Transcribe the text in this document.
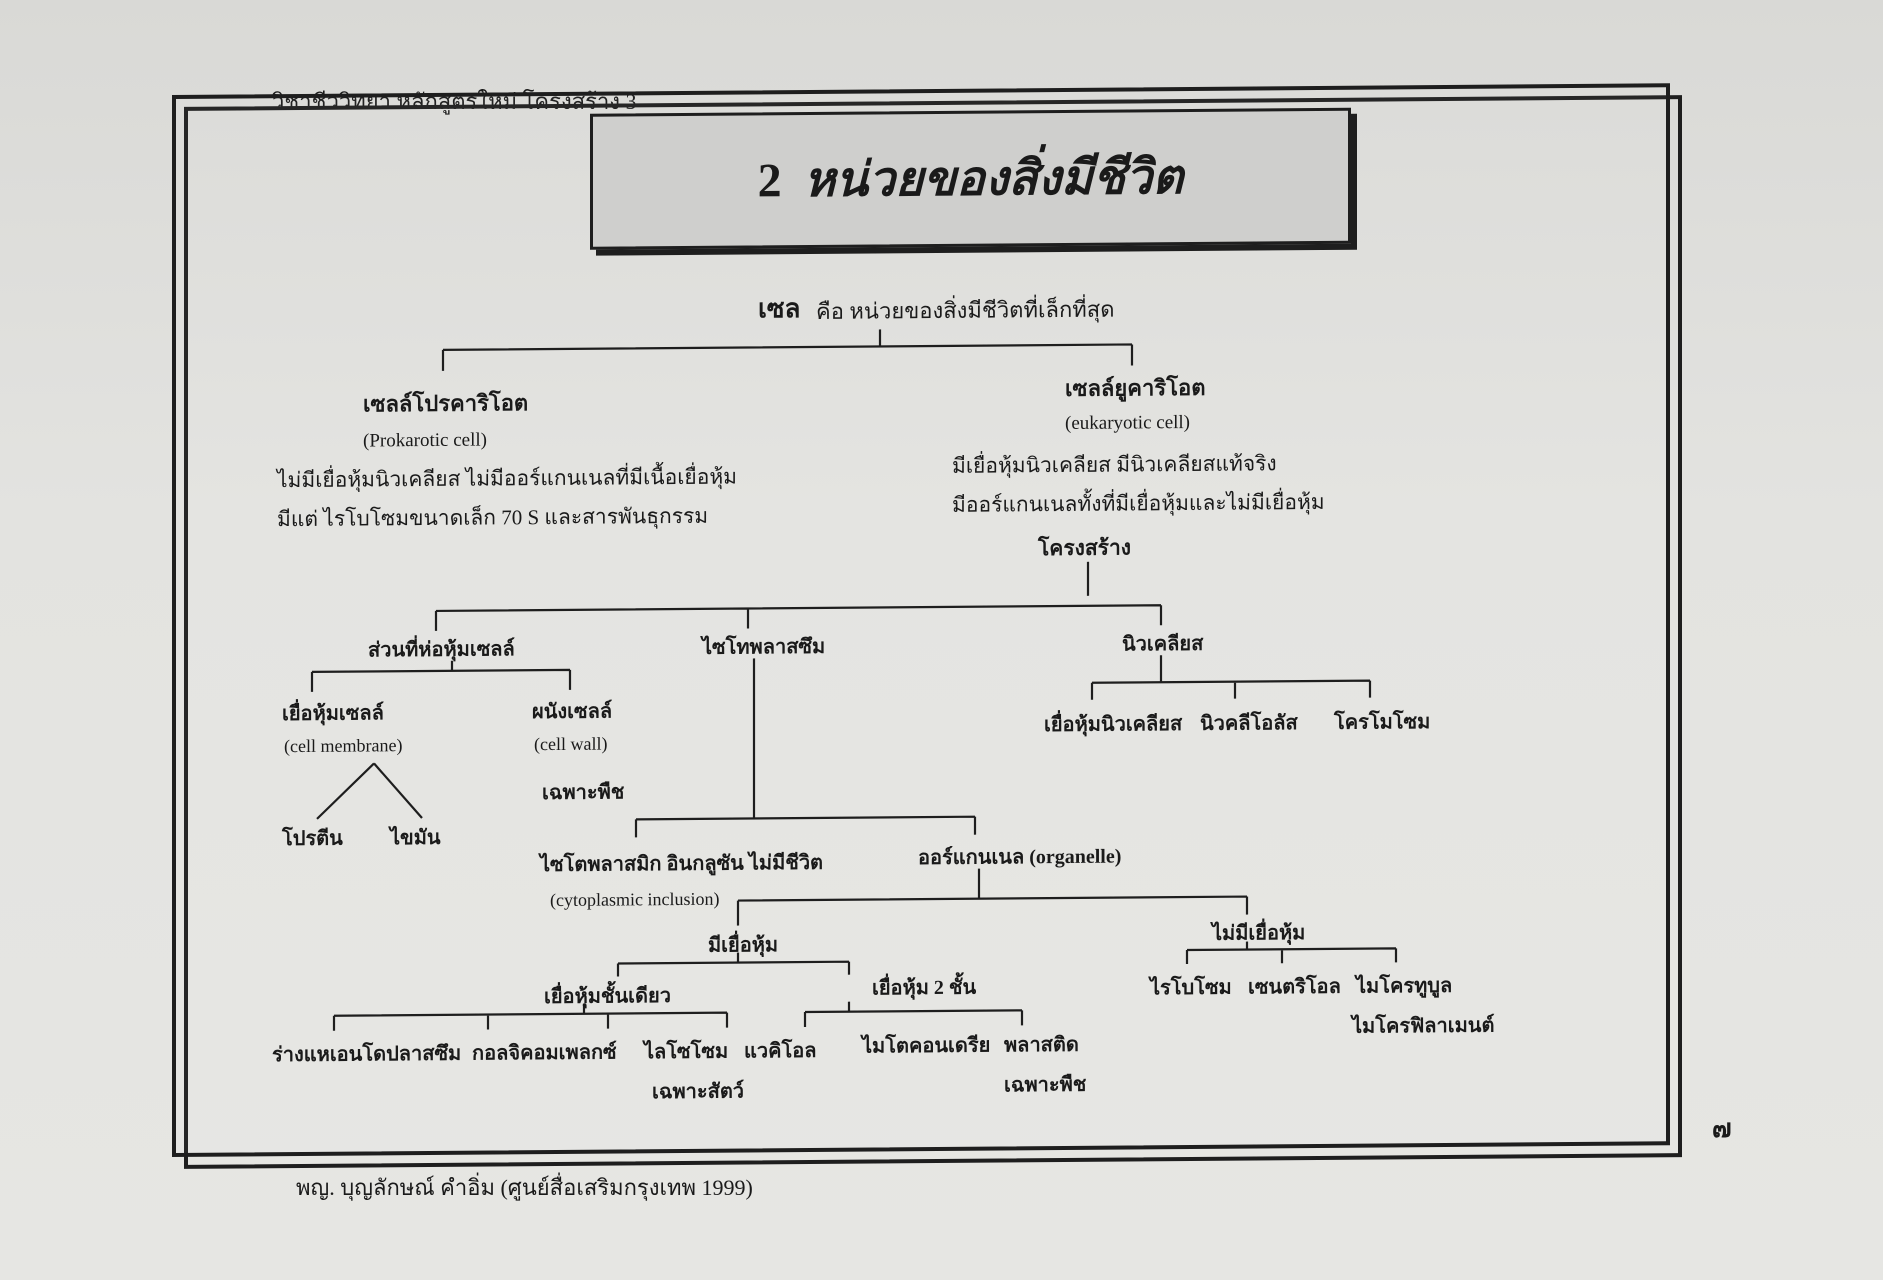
วิชาชีววิทยา หลักสูตรใหม่ โครงสร้าง 3
2 หน่วยของสิ่งมีชีวิต
เซล คือ หน่วยของสิ่งมีชีวิตที่เล็กที่สุด
เซลล์โปรคาริโอต
(Prokarotic cell)
ไม่มีเยื่อหุ้มนิวเคลียส ไม่มีออร์แกนเนลที่มีเนื้อเยื่อหุ้ม
มีแต่ ไรโบโซมขนาดเล็ก 70 S และสารพันธุกรรม
เซลล์ยูคาริโอต
(eukaryotic cell)
มีเยื่อหุ้มนิวเคลียส มีนิวเคลียสแท้จริง
มีออร์แกนเนลทั้งที่มีเยื่อหุ้มและไม่มีเยื่อหุ้ม
โครงสร้าง
ส่วนที่ห่อหุ้มเซลล์
เยื่อหุ้มเซลล์
(cell membrane)
โปรตีน ไขมัน
ผนังเซลล์
(cell wall)
เฉพาะพืช
ไซโทพลาสซึม
ไซโตพลาสมิก อินกลูซัน ไม่มีชีวิต
(cytoplasmic inclusion)
ออร์แกนเนล (organelle)
นิวเคลียส
เยื่อหุ้มนิวเคลียส นิวคลีโอลัส โครโมโซม
มีเยื่อหุ้ม
เยื่อหุ้มชั้นเดียว	เยื่อหุ้ม 2 ชั้น
ร่างแหเอนโดปลาสซึม กอลจิคอมเพลกซ์ ไลโซโซม แวคิโอล
เฉพาะสัตว์
ไมโตคอนเดรีย พลาสติด
เฉพาะพืช
ไม่มีเยื่อหุ้ม
ไรโบโซม เซนตริโอล ไมโครทูบูล
ไมโครฟิลาเมนต์
๗
พญ. บุญลักษณ์ คำอิ่ม (ศูนย์สื่อเสริมกรุงเทพ 1999)
